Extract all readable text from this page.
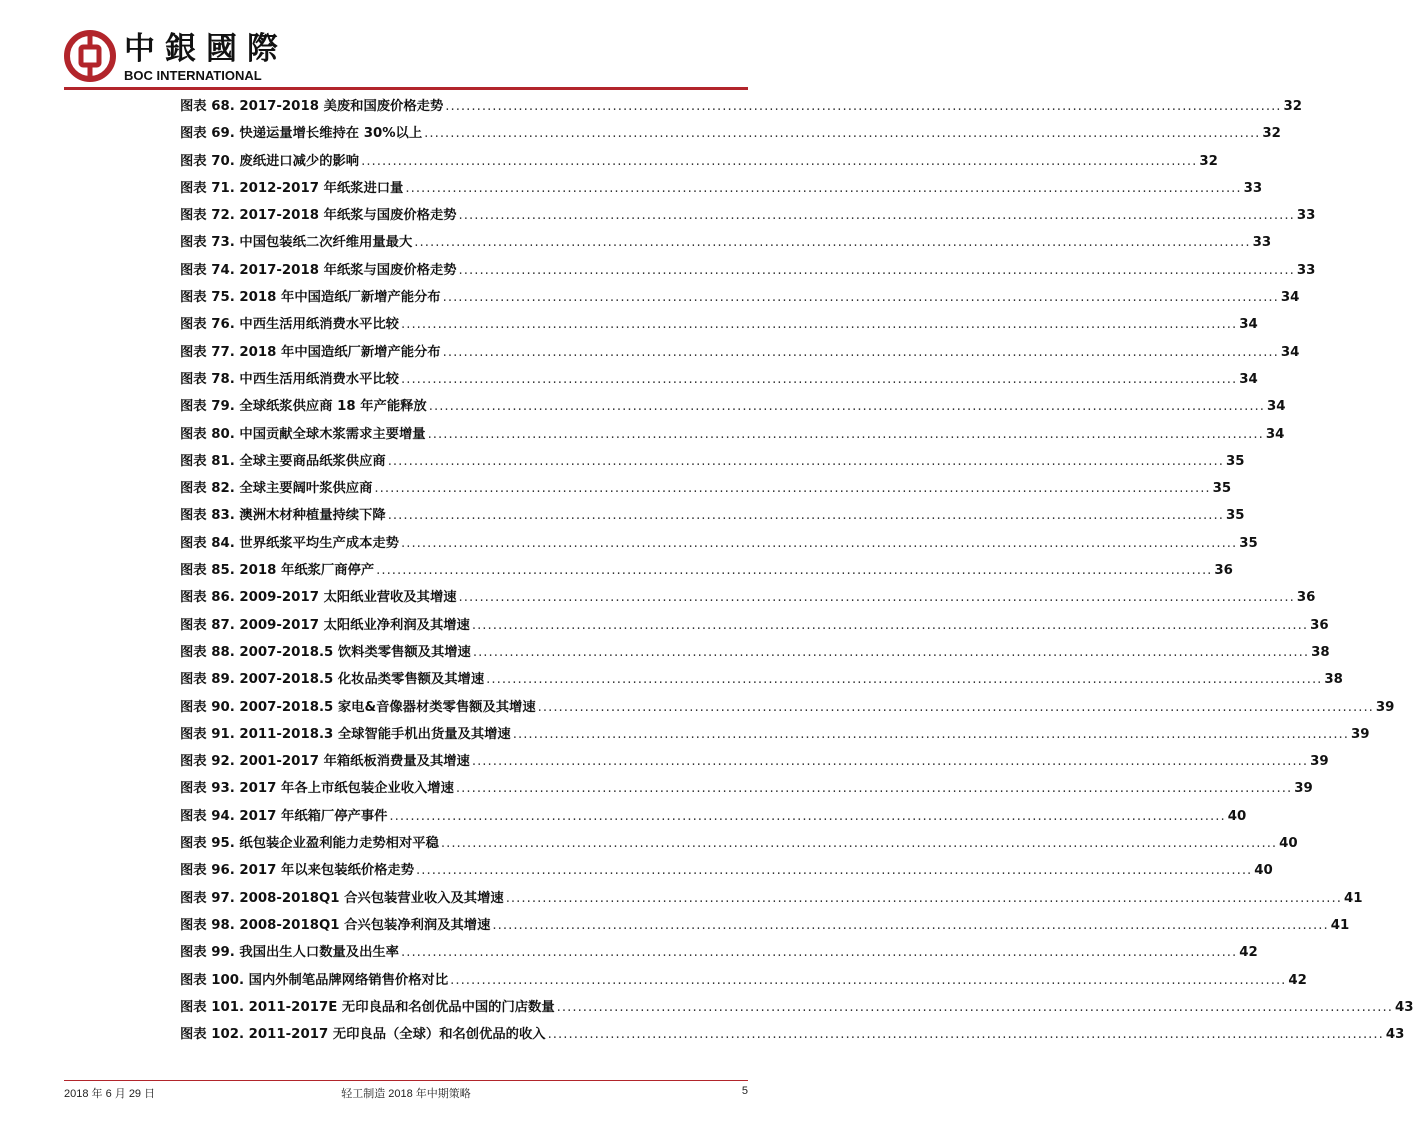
中銀國際
BOC INTERNATIONAL
图表 68. 2017-2018 美废和国废价格走势 .....	32
图表 69. 快递运量增长维持在 30%以上 .....	32
图表 70. 废纸进口减少的影响 .....	32
图表 71. 2012-2017 年纸浆进口量 .....	33
图表 72. 2017-2018 年纸浆与国废价格走势 .....	33
图表 73. 中国包装纸二次纤维用量最大 .....	33
图表 74. 2017-2018 年纸浆与国废价格走势 .....	33
图表 75. 2018 年中国造纸厂新增产能分布 .....	34
图表 76. 中西生活用纸消费水平比较 .....	34
图表 77. 2018 年中国造纸厂新增产能分布 .....	34
图表 78. 中西生活用纸消费水平比较 .....	34
图表 79. 全球纸浆供应商 18 年产能释放 .....	34
图表 80. 中国贡献全球木浆需求主要增量 .....	34
图表 81. 全球主要商品纸浆供应商 .....	35
图表 82. 全球主要阔叶浆供应商 .....	35
图表 83. 澳洲木材种植量持续下降 .....	35
图表 84. 世界纸浆平均生产成本走势 .....	35
图表 85. 2018 年纸浆厂商停产 .....	36
图表 86. 2009-2017 太阳纸业营收及其增速 .....	36
图表 87. 2009-2017 太阳纸业净利润及其增速 .....	36
图表 88. 2007-2018.5 饮料类零售额及其增速 .....	38
图表 89. 2007-2018.5 化妆品类零售额及其增速 .....	38
图表 90. 2007-2018.5 家电&音像器材类零售额及其增速 .....	39
图表 91. 2011-2018.3 全球智能手机出货量及其增速 .....	39
图表 92. 2001-2017 年箱纸板消费量及其增速 .....	39
图表 93. 2017 年各上市纸包装企业收入增速 .....	39
图表 94. 2017 年纸箱厂停产事件 .....	40
图表 95. 纸包装企业盈利能力走势相对平稳 .....	40
图表 96. 2017 年以来包装纸价格走势 .....	40
图表 97. 2008-2018Q1 合兴包装营业收入及其增速 .....	41
图表 98. 2008-2018Q1 合兴包装净利润及其增速 .....	41
图表 99. 我国出生人口数量及出生率 .....	42
图表 100. 国内外制笔品牌网络销售价格对比 .....	42
图表 101. 2011-2017E 无印良品和名创优品中国的门店数量 .....	43
图表 102. 2011-2017 无印良品（全球）和名创优品的收入 .....	43
2018 年 6 月 29 日	轻工制造 2018 年中期策略	5
